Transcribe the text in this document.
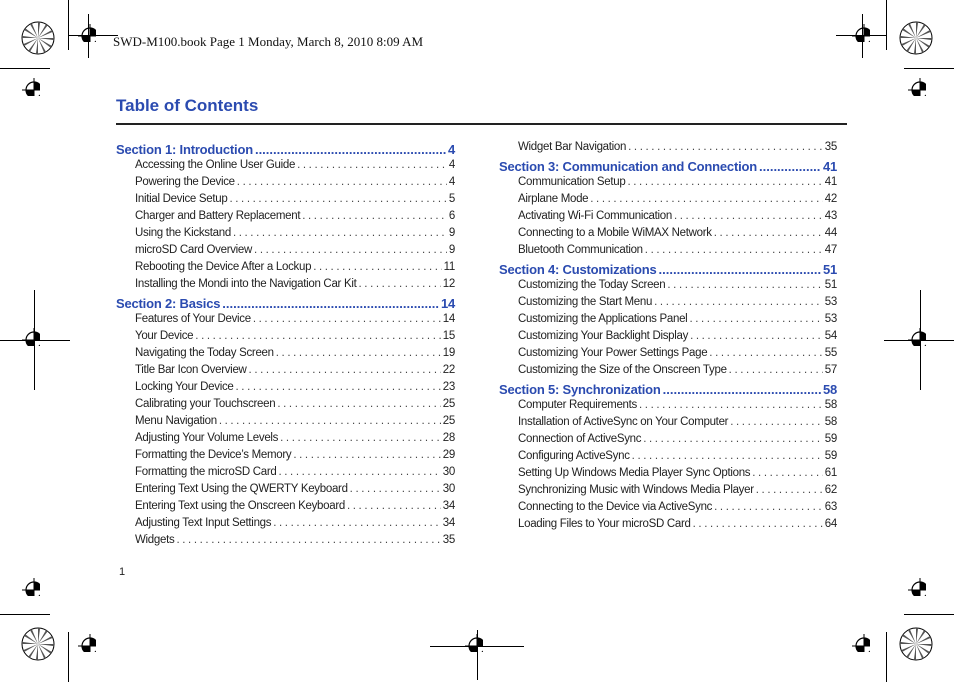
SWD-M100.book Page 1 Monday, March 8, 2010 8:09 AM
Table of Contents
Section 1: Introduction .....	4
Accessing the Online User Guide . . .	4
Powering the Device . . .	4
Initial Device Setup . . .	5
Charger and Battery Replacement . . .	6
Using the Kickstand . . .	9
microSD Card Overview . . .	9
Rebooting the Device After a Lockup . . .	11
Installing the Mondi into the Navigation Car Kit . . .	12
Section 2: Basics .....	14
Features of Your Device . . .	14
Your Device . . .	15
Navigating the Today Screen . . .	19
Title Bar Icon Overview . . .	22
Locking Your Device . . .	23
Calibrating your Touchscreen . . .	25
Menu Navigation . . .	25
Adjusting Your Volume Levels . . .	28
Formatting the Device’s Memory . . .	29
Formatting the microSD Card . . .	30
Entering Text Using the QWERTY Keyboard . . .	30
Entering Text using the Onscreen Keyboard . . .	34
Adjusting Text Input Settings . . .	34
Widgets . . .	35
Widget Bar Navigation . . .	35
Section 3: Communication and Connection .....	41
Communication Setup . . .	41
Airplane Mode . . .	42
Activating Wi-Fi Communication . . .	43
Connecting to a Mobile WiMAX Network . . .	44
Bluetooth Communication . . .	47
Section 4: Customizations .....	51
Customizing the Today Screen . . .	51
Customizing the Start Menu . . .	53
Customizing the Applications Panel . . .	53
Customizing Your Backlight Display . . .	54
Customizing Your Power Settings Page . . .	55
Customizing the Size of the Onscreen Type . . .	57
Section 5: Synchronization .....	58
Computer Requirements . . .	58
Installation of ActiveSync on Your Computer . . .	58
Connection of ActiveSync . . .	59
Configuring ActiveSync . . .	59
Setting Up Windows Media Player Sync Options . . .	61
Synchronizing Music with Windows Media Player . . .	62
Connecting to the Device via ActiveSync . . .	63
Loading Files to Your microSD Card . . .	64
1
